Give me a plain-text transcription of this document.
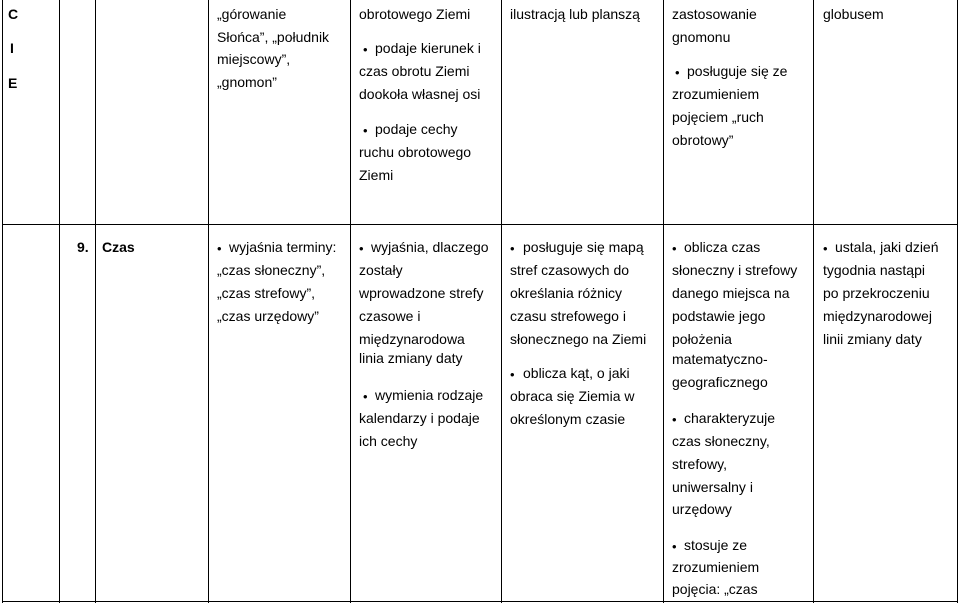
C
I
E
„górowanie
Słońca”, „południk
miejscowy”,
„gnomon”
obrotowego Ziemi
• podaje kierunek i
czas obrotu Ziemi
dookoła własnej osi
• podaje cechy
ruchu obrotowego
Ziemi
ilustracją lub planszą zastosowanie
gnomonu
• posługuje się ze
zrozumieniem
pojęciem „ruch
obrotowy”
globusem
9. Czas	• wyjaśnia terminy:
„czas słoneczny”,
„czas strefowy”,
„czas urzędowy”
• wyjaśnia, dlaczego
zostały
wprowadzone strefy
czasowe i
międzynarodowa
linia zmiany daty
• wymienia rodzaje
kalendarzy i podaje
ich cechy
• posługuje się mapą
stref czasowych do
określania różnicy
czasu strefowego i
słonecznego na Ziemi
• oblicza kąt, o jaki
obraca się Ziemia w
określonym czasie
• oblicza czas
słoneczny i strefowy
danego miejsca na
podstawie jego
położenia
matematyczno-
geograficznego
• charakteryzuje
czas słoneczny,
strefowy,
uniwersalny i
urzędowy
• stosuje ze
zrozumieniem
pojęcia: „czas
• ustala, jaki dzień
tygodnia nastąpi
po przekroczeniu
międzynarodowej
linii zmiany daty
